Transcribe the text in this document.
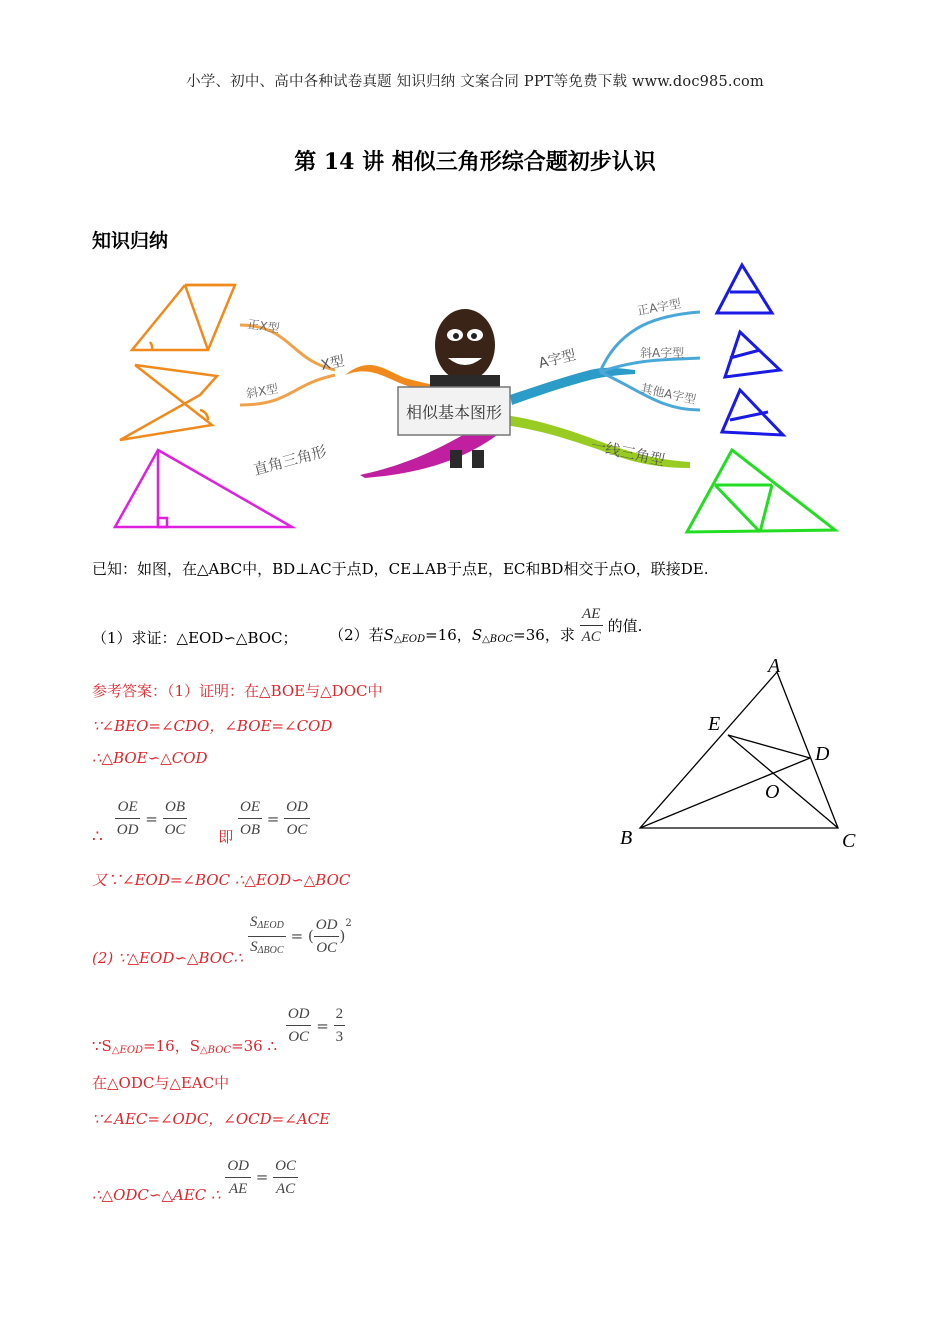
小学、初中、高中各种试卷真题 知识归纳 文案合同 PPT等免费下载 www.doc985.com
第 14 讲 相似三角形综合题初步认识
知识归纳
相似基本图形
X型
正X型
斜X型
直角三角形
A字型
正A字型
斜A字型
其他A字型
一线三角型
已知：如图，在△ABC中，BD⊥AC于点D，CE⊥AB于点E，EC和BD相交于点O，联接DE.
（1）求证：△EOD∽△BOC； （2）若$S_{\triangle EOD}=16$，$S_{\triangle BOC}=36$，求 $\frac{AE}{AC}$ 的值.
A
B	C
D
E
O
参考答案：（1）证明：在△BOE与△DOC中
∵∠BEO=∠CDO，∠BOE=∠COD
∴△BOE∽△COD
∴ $\frac{OE}{OD} = \frac{OB}{OC}$ 即 $\frac{OE}{OB} = \frac{OD}{OC}$
又∵∠EOD=∠BOC ∴△EOD∽△BOC
(2) ∵△EOD∽△BOC∴
$S_{\Delta EOD}$
$S_{\Delta BOC}$
= ( $\frac{OD}{OC} )^2$
$\because S_{\triangle EOD}=16$，$S_{\triangle BOC}=36$ ∴ $\frac{OD}{OC} = \frac{2}{3}$
在△ODC与△EAC中
∵∠AEC=∠ODC，∠OCD=∠ACE
∴△ODC∽△AEC ∴ $\frac{OD}{AE} = \frac{OC}{AC}$
